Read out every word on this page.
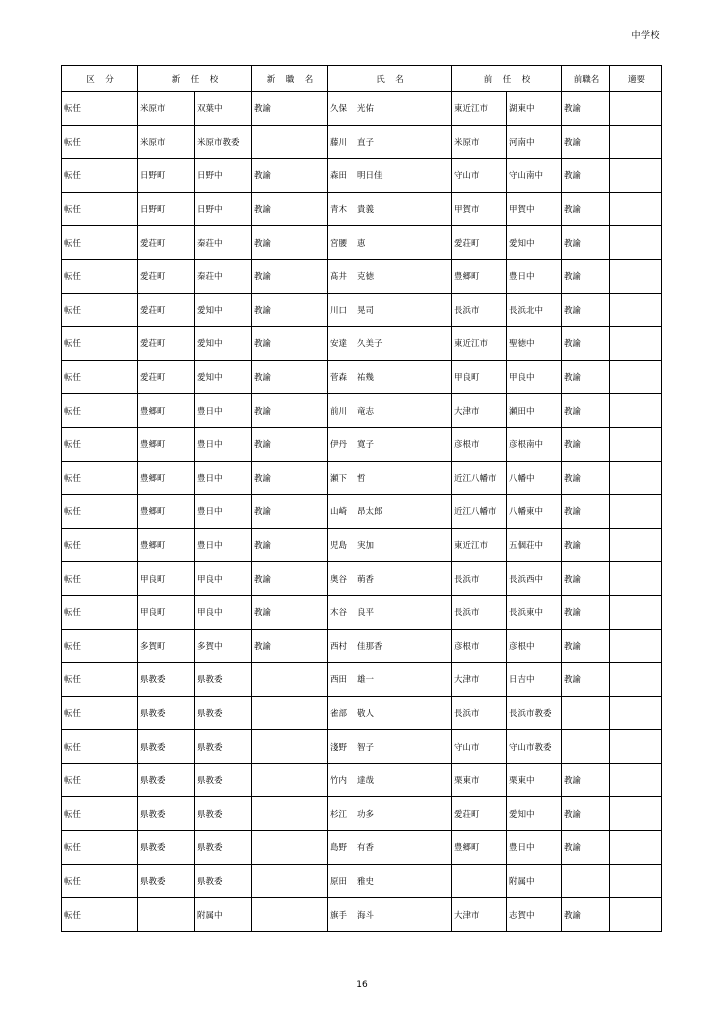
中学校
区　分	新　任　校		新　職　名	氏　名	前　任　校		前職名	適要
転任	米原市	双葉中	教諭	久保 光佑	東近江市	湖東中	教諭	
転任	米原市	米原市教委		藤川 直子	米原市	河南中	教諭	
転任	日野町	日野中	教諭	森田 明日佳	守山市	守山南中	教諭	
転任	日野町	日野中	教諭	青木 貴義	甲賀市	甲賀中	教諭	
転任	愛荘町	秦荘中	教諭	宮腰 恵	愛荘町	愛知中	教諭	
転任	愛荘町	秦荘中	教諭	髙井 克徳	豊郷町	豊日中	教諭	
転任	愛荘町	愛知中	教諭	川口 晃司	長浜市	長浜北中	教諭	
転任	愛荘町	愛知中	教諭	安達 久美子	東近江市	聖徳中	教諭	
転任	愛荘町	愛知中	教諭	菅森 祐幾	甲良町	甲良中	教諭	
転任	豊郷町	豊日中	教諭	前川 竜志	大津市	瀬田中	教諭	
転任	豊郷町	豊日中	教諭	伊丹 寛子	彦根市	彦根南中	教諭	
転任	豊郷町	豊日中	教諭	瀬下 哲	近江八幡市	八幡中	教諭	
転任	豊郷町	豊日中	教諭	山崎 昂太郎	近江八幡市	八幡東中	教諭	
転任	豊郷町	豊日中	教諭	児島 実加	東近江市	五個荘中	教諭	
転任	甲良町	甲良中	教諭	奥谷 萌香	長浜市	長浜西中	教諭	
転任	甲良町	甲良中	教諭	木谷 良平	長浜市	長浜東中	教諭	
転任	多賀町	多賀中	教諭	西村 佳那香	彦根市	彦根中	教諭	
転任	県教委	県教委		西田 雄一	大津市	日吉中	教諭	
転任	県教委	県教委		雀部 敬人	長浜市	長浜市教委		
転任	県教委	県教委		淺野 智子	守山市	守山市教委		
転任	県教委	県教委		竹内 達哉	栗東市	栗東中	教諭	
転任	県教委	県教委		杉江 功多	愛荘町	愛知中	教諭	
転任	県教委	県教委		島野 有香	豊郷町	豊日中	教諭	
転任	県教委	県教委		原田 雅史		附属中		
転任		附属中		旗手 海斗	大津市	志賀中	教諭	
16
